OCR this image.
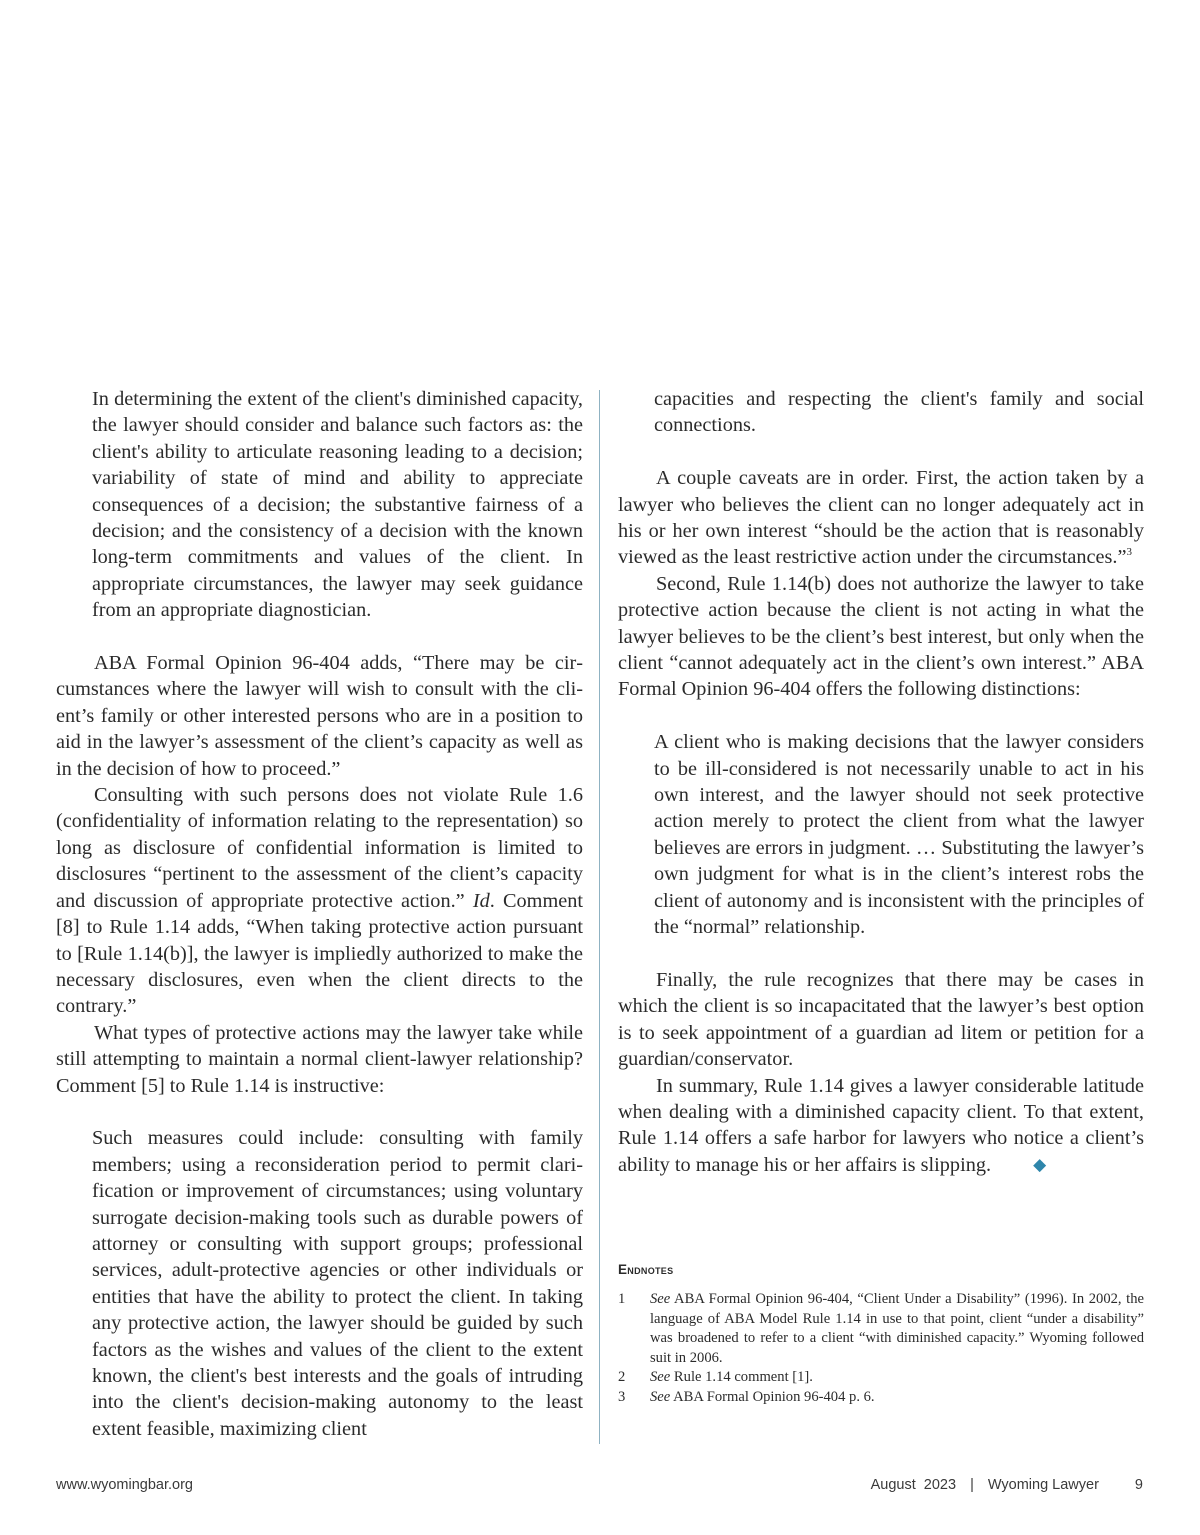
In determining the extent of the client's diminished capacity, the lawyer should consider and balance such factors as: the client's ability to articulate reasoning leading to a decision; variability of state of mind and ability to appreciate consequences of a decision; the substantive fairness of a decision; and the consistency of a decision with the known long-term commitments and values of the client. In appropriate circumstances, the lawyer may seek guidance from an appropriate diagnostician.

ABA Formal Opinion 96-404 adds, “There may be circumstances where the lawyer will wish to consult with the client’s family or other interested persons who are in a position to aid in the lawyer’s assessment of the client’s capacity as well as in the decision of how to proceed.”

Consulting with such persons does not violate Rule 1.6 (confidentiality of information relating to the representation) so long as disclosure of confidential information is limited to disclosures “pertinent to the assessment of the client’s capacity and discussion of appropriate protective action.” Id. Comment [8] to Rule 1.14 adds, “When taking protective action pursuant to [Rule 1.14(b)], the lawyer is impliedly authorized to make the necessary disclosures, even when the client directs to the contrary.”

What types of protective actions may the lawyer take while still attempting to maintain a normal client-lawyer relationship? Comment [5] to Rule 1.14 is instructive:

Such measures could include: consulting with family members; using a reconsideration period to permit clarification or improvement of circumstances; using voluntary surrogate decision-making tools such as durable powers of attorney or consulting with support groups; professional services, adult-protective agencies or other individuals or entities that have the ability to protect the client. In taking any protective action, the lawyer should be guided by such factors as the wishes and values of the client to the extent known, the client's best interests and the goals of intruding into the client's decision-making autonomy to the least extent feasible, maximizing client

capacities and respecting the client's family and social connections.

A couple caveats are in order. First, the action taken by a lawyer who believes the client can no longer adequately act in his or her own interest “should be the action that is reasonably viewed as the least restrictive action under the circumstances.”$^3$

Second, Rule 1.14(b) does not authorize the lawyer to take protective action because the client is not acting in what the lawyer believes to be the client’s best interest, but only when the client “cannot adequately act in the client’s own interest.” ABA Formal Opinion 96-404 offers the following distinctions:

A client who is making decisions that the lawyer considers to be ill-considered is not necessarily unable to act in his own interest, and the lawyer should not seek protective action merely to protect the client from what the lawyer believes are errors in judgment. … Substituting the lawyer’s own judgment for what is in the client’s interest robs the client of autonomy and is inconsistent with the principles of the “normal” relationship.

Finally, the rule recognizes that there may be cases in which the client is so incapacitated that the lawyer’s best option is to seek appointment of a guardian ad litem or petition for a guardian/conservator.

In summary, Rule 1.14 gives a lawyer considerable latitude when dealing with a diminished capacity client. To that extent, Rule 1.14 offers a safe harbor for lawyers who notice a client’s ability to manage his or her affairs is slipping. ◆

Endnotes
1	See ABA Formal Opinion 96-404, “Client Under a Disability” (1996). In 2002, the language of ABA Model Rule 1.14 in use to that point, client “under a disability” was broadened to refer to a client “with diminished capacity.” Wyoming followed suit in 2006.
2	See Rule 1.14 comment [1].
3	See ABA Formal Opinion 96-404 p. 6.
www.wyomingbar.org	August  2023 | Wyoming Lawyer 9
